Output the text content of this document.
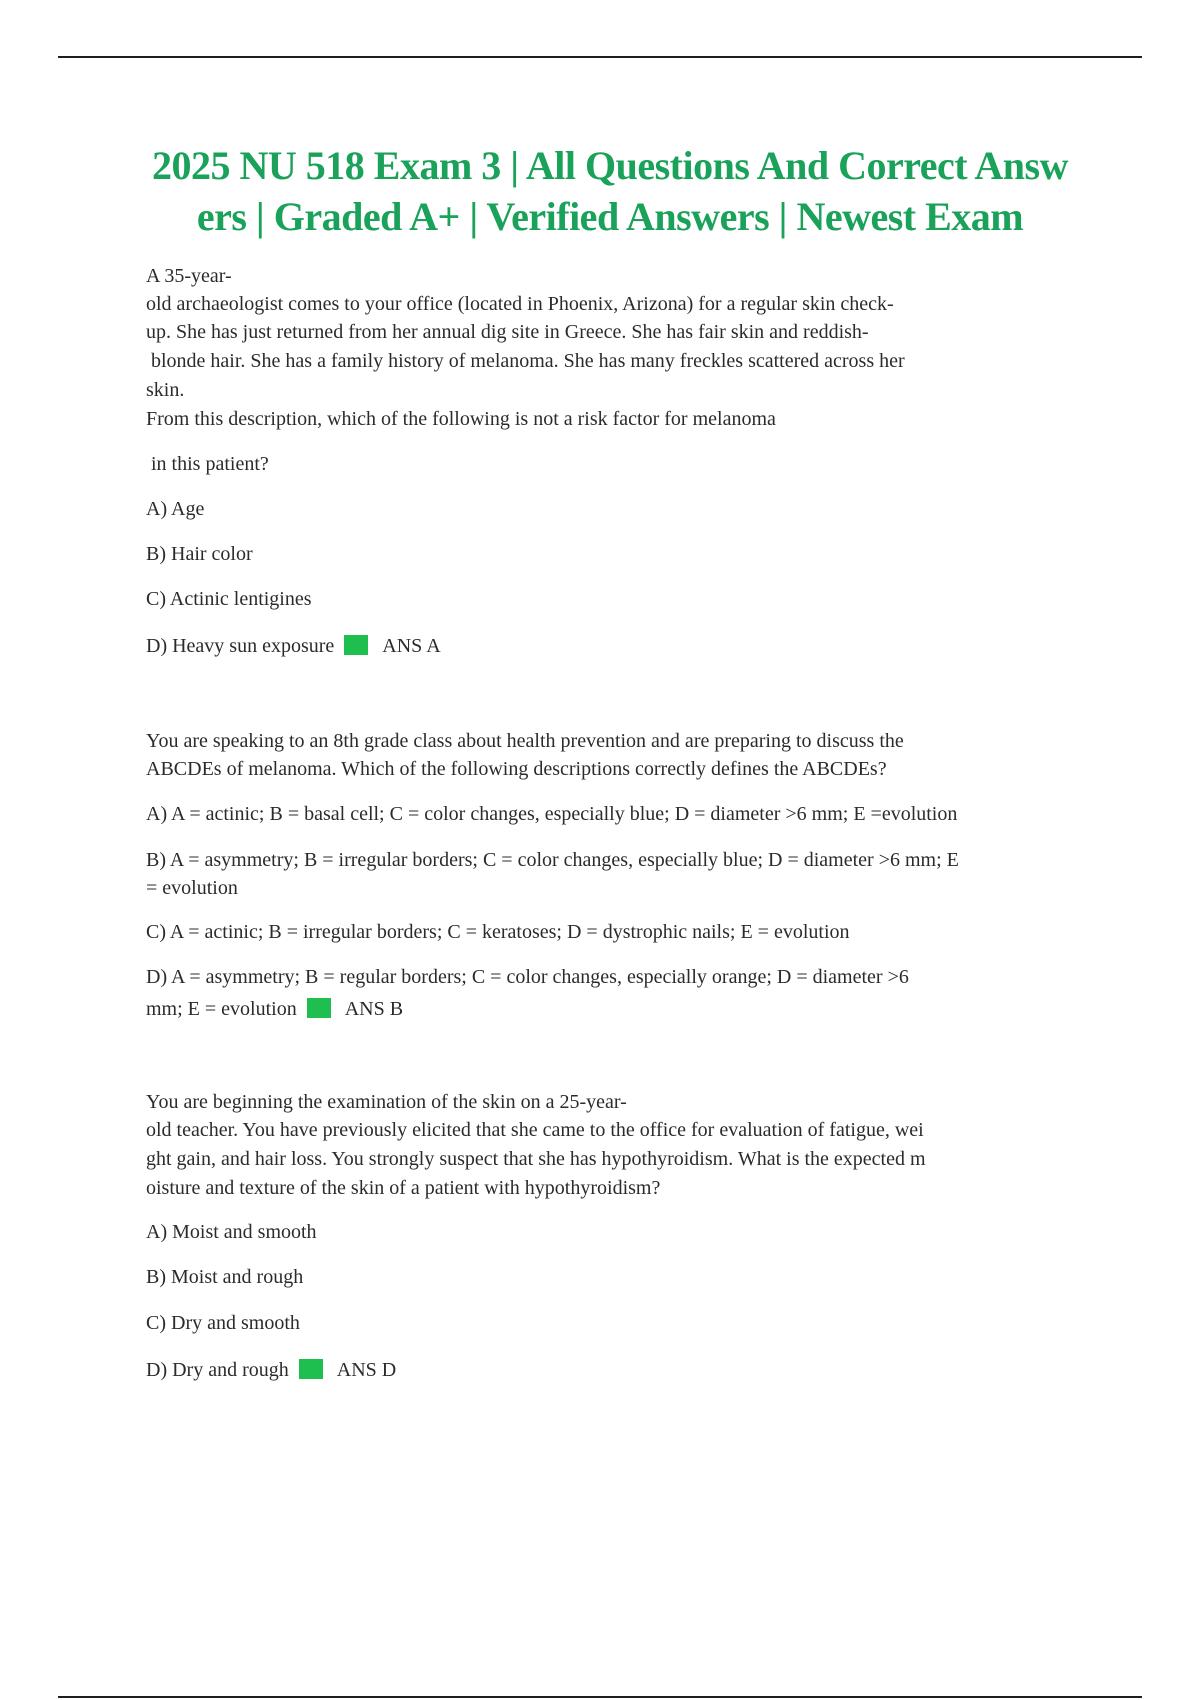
2025 NU 518 Exam 3 | All Questions And Correct Answ
ers | Graded A+ | Verified Answers | Newest Exam
A 35-year-
old archaeologist comes to your office (located in Phoenix, Arizona) for a regular skin check-
up. She has just returned from her annual dig site in Greece. She has fair skin and reddish-
blonde hair. She has a family history of melanoma. She has many freckles scattered across her
skin.
From this description, which of the following is not a risk factor for melanoma
in this patient?
A) Age
B) Hair color
C) Actinic lentigines
D) Heavy sun exposure ANS A
You are speaking to an 8th grade class about health prevention and are preparing to discuss the
ABCDEs of melanoma. Which of the following descriptions correctly defines the ABCDEs?
A) A = actinic; B = basal cell; C = color changes, especially blue; D = diameter >6 mm; E =evolution
B) A = asymmetry; B = irregular borders; C = color changes, especially blue; D = diameter >6 mm; E
= evolution
C) A = actinic; B = irregular borders; C = keratoses; D = dystrophic nails; E = evolution
D) A = asymmetry; B = regular borders; C = color changes, especially orange; D = diameter >6
mm; E = evolution ANS B
You are beginning the examination of the skin on a 25-year-
old teacher. You have previously elicited that she came to the office for evaluation of fatigue, wei
ght gain, and hair loss. You strongly suspect that she has hypothyroidism. What is the expected m
oisture and texture of the skin of a patient with hypothyroidism?
A) Moist and smooth
B) Moist and rough
C) Dry and smooth
D) Dry and rough ANS D
